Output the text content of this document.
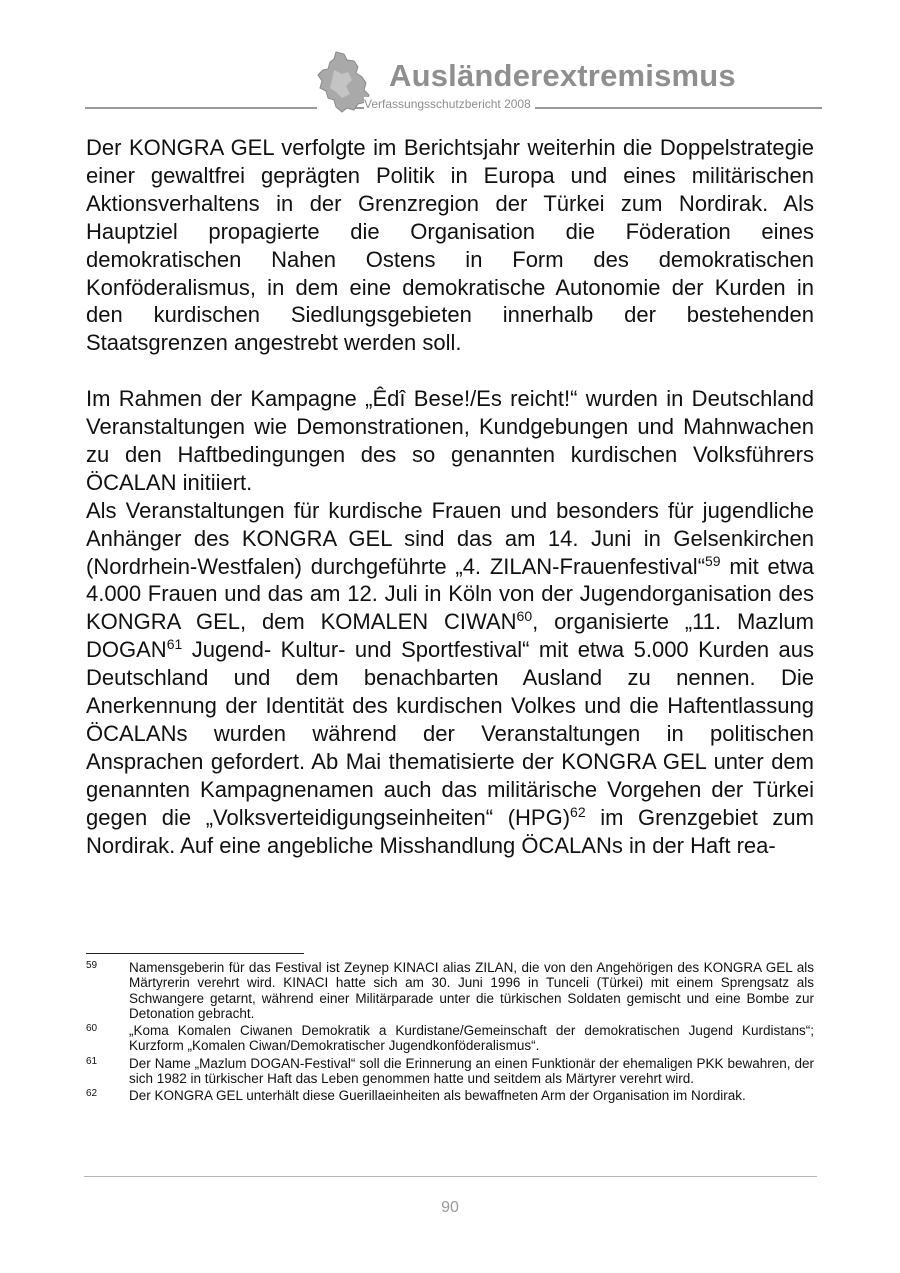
Ausländerextremismus
Verfassungsschutzbericht 2008

Der KONGRA GEL verfolgte im Berichtsjahr weiterhin die Doppelstrategie einer gewaltfrei geprägten Politik in Europa und eines militärischen Aktionsverhaltens in der Grenzregion der Türkei zum Nordirak. Als Hauptziel propagierte die Organisation die Föderation eines demokratischen Nahen Ostens in Form des demokratischen Konföderalismus, in dem eine demokratische Autonomie der Kurden in den kurdischen Siedlungsgebieten innerhalb der bestehenden Staatsgrenzen angestrebt werden soll.

Im Rahmen der Kampagne „Êdî Bese!/Es reicht!“ wurden in Deutschland Veranstaltungen wie Demonstrationen, Kundgebungen und Mahnwachen zu den Haftbedingungen des so genannten kurdischen Volksführers ÖCALAN initiiert.

Als Veranstaltungen für kurdische Frauen und besonders für jugendliche Anhänger des KONGRA GEL sind das am 14. Juni in Gelsenkirchen (Nordrhein-Westfalen) durchgeführte „4. ZILAN-Frauenfestival“$^{59}$ mit etwa 4.000 Frauen und das am 12. Juli in Köln von der Jugendorganisation des KONGRA GEL, dem KOMALEN CIWAN$^{60}$, organisierte „11. Mazlum DOGAN$^{61}$ Jugend- Kultur- und Sportfestival“ mit etwa 5.000 Kurden aus Deutschland und dem benachbarten Ausland zu nennen. Die Anerkennung der Identität des kurdischen Volkes und die Haftentlassung ÖCALANs wurden während der Veranstaltungen in politischen Ansprachen gefordert. Ab Mai thematisierte der KONGRA GEL unter dem genannten Kampagnenamen auch das militärische Vorgehen der Türkei gegen die „Volksverteidigungseinheiten“ (HPG)$^{62}$ im Grenzgebiet zum Nordirak. Auf eine angebliche Misshandlung ÖCALANs in der Haft rea-

59 Namensgeberin für das Festival ist Zeynep KINACI alias ZILAN, die von den Angehörigen des KONGRA GEL als Märtyrerin verehrt wird. KINACI hatte sich am 30. Juni 1996 in Tunceli (Türkei) mit einem Sprengsatz als Schwangere getarnt, während einer Militärparade unter die türkischen Soldaten gemischt und eine Bombe zur Detonation gebracht.
60 „Koma Komalen Ciwanen Demokratik a Kurdistane/Gemeinschaft der demokratischen Jugend Kurdistans“; Kurzform „Komalen Ciwan/Demokratischer Jugendkonföderalismus“.
61 Der Name „Mazlum DOGAN-Festival“ soll die Erinnerung an einen Funktionär der ehemaligen PKK bewahren, der sich 1982 in türkischer Haft das Leben genommen hatte und seitdem als Märtyrer verehrt wird.
62 Der KONGRA GEL unterhält diese Guerillaeinheiten als bewaffneten Arm der Organisation im Nordirak.
90
